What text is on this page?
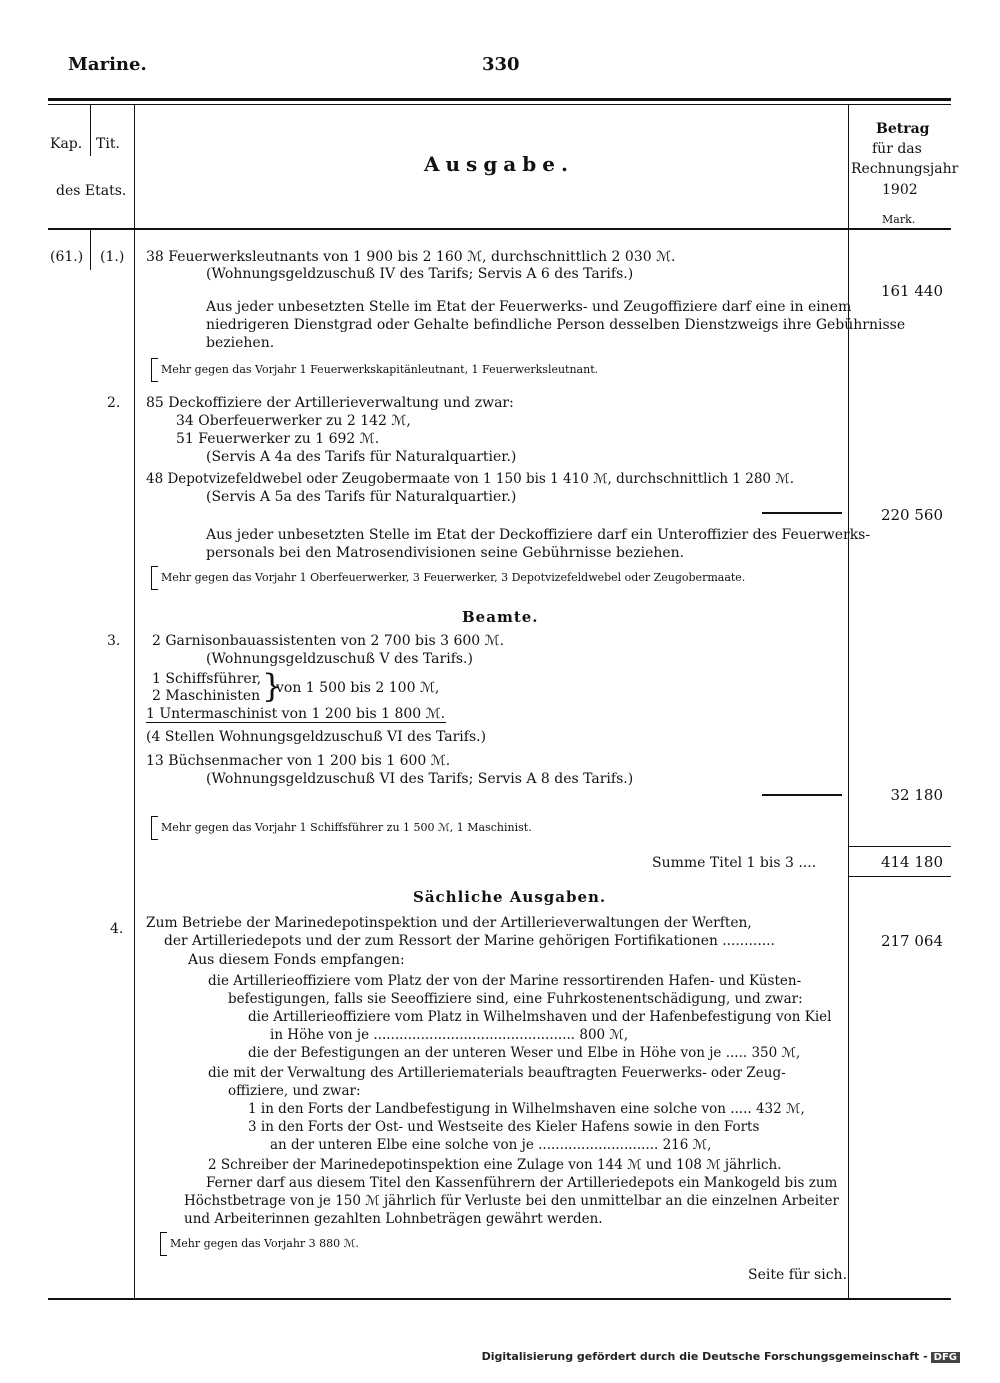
Marine.	330
Kap. Tit.
des Etats.
Ausgabe.
Betrag
für das
Rechnungsjahr
1902
Mark.
(61.) (1.) 38 Feuerwerksleutnants von 1 900 bis 2 160 ℳ, durchschnittlich 2 030 ℳ.
(Wohnungsgeldzuschuß IV des Tarifs; Servis A 6 des Tarifs.)
161 440
Aus jeder unbesetzten Stelle im Etat der Feuerwerks- und Zeugoffiziere darf eine in einem
niedrigeren Dienstgrad oder Gehalte befindliche Person desselben Dienstzweigs ihre Gebührnisse
beziehen.
Mehr gegen das Vorjahr 1 Feuerwerkskapitänleutnant, 1 Feuerwerksleutnant.
2. 85 Deckoffiziere der Artillerieverwaltung und zwar:
34 Oberfeuerwerker zu 2 142 ℳ,
51 Feuerwerker zu 1 692 ℳ.
(Servis A 4a des Tarifs für Naturalquartier.)
48 Depotvizefeldwebel oder Zeugobermaate von 1 150 bis 1 410 ℳ, durchschnittlich 1 280 ℳ.
(Servis A 5a des Tarifs für Naturalquartier.)
220 560
Aus jeder unbesetzten Stelle im Etat der Deckoffiziere darf ein Unteroffizier des Feuerwerks-
personals bei den Matrosendivisionen seine Gebührnisse beziehen.
Mehr gegen das Vorjahr 1 Oberfeuerwerker, 3 Feuerwerker, 3 Depotvizefeldwebel oder Zeugobermaate.
Beamte.
3. 2 Garnisonbauassistenten von 2 700 bis 3 600 ℳ.
(Wohnungsgeldzuschuß V des Tarifs.)
1 Schiffsführer,
2 Maschinisten }
von 1 500 bis 2 100 ℳ,
1 Untermaschinist von 1 200 bis 1 800 ℳ.
(4 Stellen Wohnungsgeldzuschuß VI des Tarifs.)
13 Büchsenmacher von 1 200 bis 1 600 ℳ.
(Wohnungsgeldzuschuß VI des Tarifs; Servis A 8 des Tarifs.)
32 180
Mehr gegen das Vorjahr 1 Schiffsführer zu 1 500 ℳ, 1 Maschinist.
Summe Titel 1 bis 3 ....	414 180
Sächliche Ausgaben.
4. Zum Betriebe der Marinedepotinspektion und der Artillerieverwaltungen der Werften,
der Artilleriedepots und der zum Ressort der Marine gehörigen Fortifikationen ............	217 064
Aus diesem Fonds empfangen:
die Artillerieoffiziere vom Platz der von der Marine ressortirenden Hafen- und Küsten-
befestigungen, falls sie Seeoffiziere sind, eine Fuhrkostenentschädigung, und zwar:
die Artillerieoffiziere vom Platz in Wilhelmshaven und der Hafenbefestigung von Kiel
in Höhe von je ............................................... 800 ℳ,
die der Befestigungen an der unteren Weser und Elbe in Höhe von je ..... 350 ℳ,
die mit der Verwaltung des Artilleriematerials beauftragten Feuerwerks- oder Zeug-
offiziere, und zwar:
1 in den Forts der Landbefestigung in Wilhelmshaven eine solche von ..... 432 ℳ,
3 in den Forts der Ost- und Westseite des Kieler Hafens sowie in den Forts
an der unteren Elbe eine solche von je ............................ 216 ℳ,
2 Schreiber der Marinedepotinspektion eine Zulage von 144 ℳ und 108 ℳ jährlich.
Ferner darf aus diesem Titel den Kassenführern der Artilleriedepots ein Mankogeld bis zum
Höchstbetrage von je 150 ℳ jährlich für Verluste bei den unmittelbar an die einzelnen Arbeiter
und Arbeiterinnen gezahlten Lohnbeträgen gewährt werden.
Mehr gegen das Vorjahr 3 880 ℳ.
Seite für sich.
Digitalisierung gefördert durch die Deutsche Forschungsgemeinschaft - DFG
